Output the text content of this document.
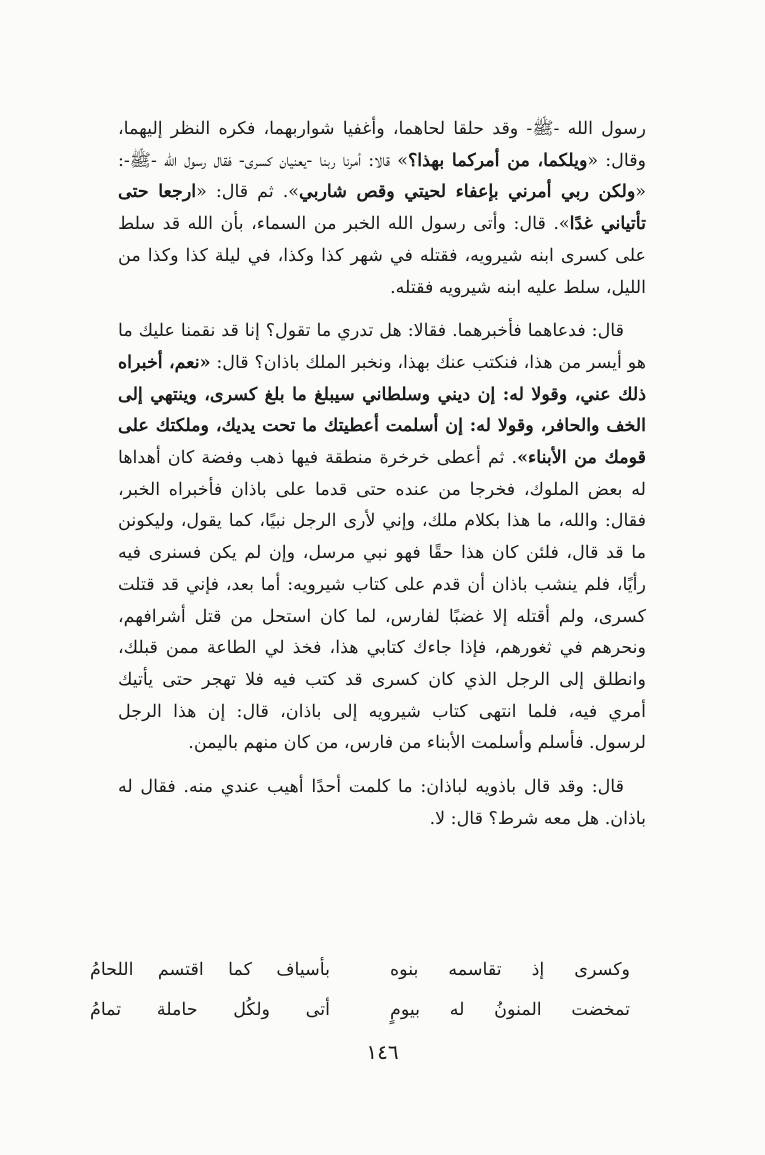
رسول الله -ﷺ- وقد حلقا لحاهما، وأغفيا شواربهما، فكره النظر إليهما، وقال: «ويلكما، من أمركما بهذا؟» قالا: أمرنا ربنا -يعنيان كسرى- فقال رسول الله -ﷺ-: «ولكن ربي أمرني بإعفاء لحيتي وقص شاربي». ثم قال: «ارجعا حتى تأتياني غدًا». قال: وأتى رسول الله الخبر من السماء، بأن الله قد سلط على كسرى ابنه شيرويه، فقتله في شهر كذا وكذا، في ليلة كذا وكذا من الليل، سلط عليه ابنه شيرويه فقتله.

قال: فدعاهما فأخبرهما. فقالا: هل تدري ما تقول؟ إنا قد نقمنا عليك ما هو أيسر من هذا، فنكتب عنك بهذا، ونخبر الملك باذان؟ قال: «نعم، أخبراه ذلك عني، وقولا له: إن ديني وسلطاني سيبلغ ما بلغ كسرى، وينتهي إلى الخف والحافر، وقولا له: إن أسلمت أعطيتك ما تحت يديك، وملكتك على قومك من الأبناء». ثم أعطى خرخرة منطقة فيها ذهب وفضة كان أهداها له بعض الملوك، فخرجا من عنده حتى قدما على باذان فأخبراه الخبر، فقال: والله، ما هذا بكلام ملك، وإني لأرى الرجل نبيًا، كما يقول، وليكونن ما قد قال، فلئن كان هذا حقًا فهو نبي مرسل، وإن لم يكن فسنرى فيه رأيًا، فلم ينشب باذان أن قدم على كتاب شيرويه: أما بعد، فإني قد قتلت كسرى، ولم أقتله إلا غضبًا لفارس، لما كان استحل من قتل أشرافهم، ونحرهم في ثغورهم، فإذا جاءك كتابي هذا، فخذ لي الطاعة ممن قبلك، وانطلق إلى الرجل الذي كان كسرى قد كتب فيه فلا تهجر حتى يأتيك أمري فيه، فلما انتهى كتاب شيرويه إلى باذان، قال: إن هذا الرجل لرسول. فأسلم وأسلمت الأبناء من فارس، من كان منهم باليمن.

قال: وقد قال باذويه لباذان: ما كلمت أحدًا أهيب عندي منه. فقال له باذان. هل معه شرط؟ قال: لا.

وكسرى إذ تقاسمه بنوه
بأسياف كما اقتسم اللحامُ
تمخضت المنونُ له بيومٍ
أتى ولكُل حاملة تمامُ
١٤٦
